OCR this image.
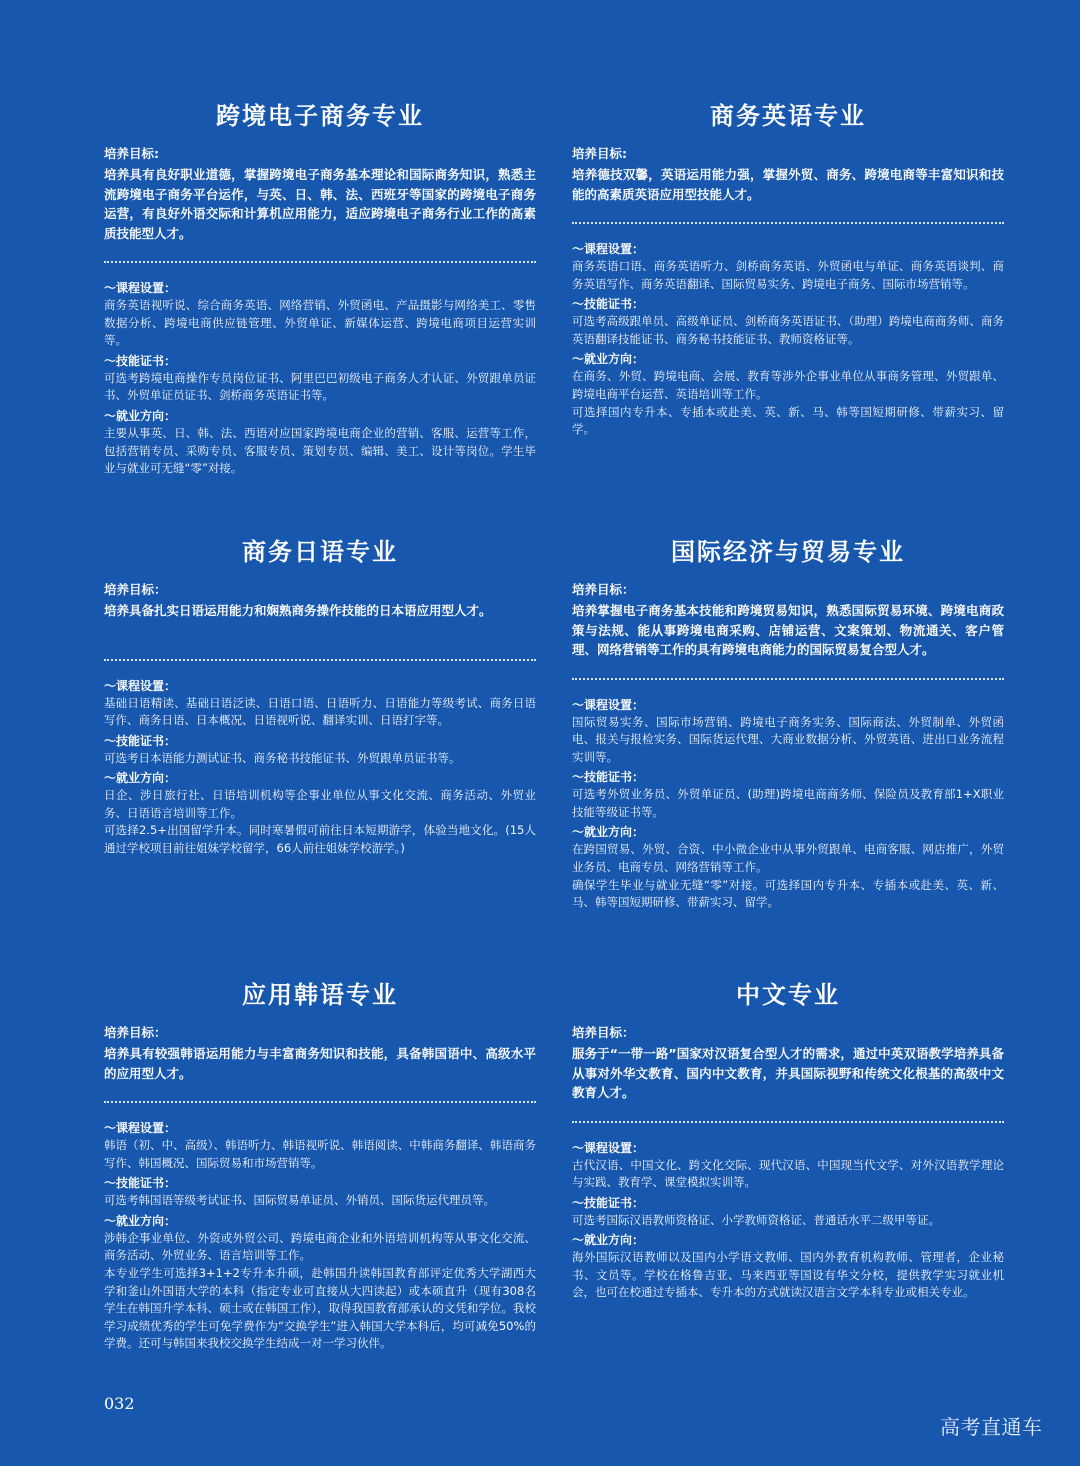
跨境电子商务专业
培养目标:
培养具有良好职业道德，掌握跨境电子商务基本理论和国际商务知识，熟悉主流跨境电子商务平台运作，与英、日、韩、法、西班牙等国家的跨境电子商务运营，有良好外语交际和计算机应用能力，适应跨境电子商务行业工作的高素质技能型人才。
〜课程设置：
商务英语视听说、综合商务英语、网络营销、外贸函电、产品摄影与网络美工、零售数据分析、跨境电商供应链管理、外贸单证、新媒体运营、跨境电商项目运营实训等。
〜技能证书：
可选考跨境电商操作专员岗位证书、阿里巴巴初级电子商务人才认证、外贸跟单员证书、外贸单证员证书、剑桥商务英语证书等。
〜就业方向：
主要从事英、日、韩、法、西语对应国家跨境电商企业的营销、客服、运营等工作，包括营销专员、采购专员、客服专员、策划专员、编辑、美工、设计等岗位。学生毕业与就业可无缝“零”对接。
商务英语专业
培养目标:
培养德技双馨，英语运用能力强，掌握外贸、商务、跨境电商等丰富知识和技能的高素质英语应用型技能人才。
〜课程设置：
商务英语口语、商务英语听力、剑桥商务英语、外贸函电与单证、商务英语谈判、商务英语写作、商务英语翻译、国际贸易实务、跨境电子商务、国际市场营销等。
〜技能证书：
可选考高级跟单员、高级单证员、剑桥商务英语证书、（助理）跨境电商商务师、商务英语翻译技能证书、商务秘书技能证书、教师资格证等。
〜就业方向：
在商务、外贸、跨境电商、会展、教育等涉外企事业单位从事商务管理、外贸跟单、跨境电商平台运营、英语培训等工作。
可选择国内专升本、专插本或赴美、英、新、马、韩等国短期研修、带薪实习、留学。
商务日语专业
培养目标：
培养具备扎实日语运用能力和娴熟商务操作技能的日本语应用型人才。
〜课程设置：
基础日语精读、基础日语泛读、日语口语、日语听力、日语能力等级考试、商务日语写作、商务日语、日本概况、日语视听说、翻译实训、日语打字等。
〜技能证书：
可选考日本语能力测试证书、商务秘书技能证书、外贸跟单员证书等。
〜就业方向：
日企、涉日旅行社、日语培训机构等企事业单位从事文化交流、商务活动、外贸业务、日语语言培训等工作。
可选择2.5+出国留学升本。同时寒暑假可前往日本短期游学，体验当地文化。(15人通过学校项目前往姐妹学校留学，66人前往姐妹学校游学。)
国际经济与贸易专业
培养目标：
培养掌握电子商务基本技能和跨境贸易知识，熟悉国际贸易环境、跨境电商政策与法规、能从事跨境电商采购、店铺运营、文案策划、物流通关、客户管理、网络营销等工作的具有跨境电商能力的国际贸易复合型人才。
〜课程设置：
国际贸易实务、国际市场营销、跨境电子商务实务、国际商法、外贸制单、外贸函电、报关与报检实务、国际货运代理、大商业数据分析、外贸英语、进出口业务流程实训等。
〜技能证书：
可选考外贸业务员、外贸单证员、(助理)跨境电商商务师、保险员及教育部1+X职业技能等级证书等。
〜就业方向：
在跨国贸易、外贸、合资、中小微企业中从事外贸跟单、电商客服、网店推广，外贸业务员、电商专员、网络营销等工作。
确保学生毕业与就业无缝“零”对接。可选择国内专升本、专插本或赴美、英、新、马、韩等国短期研修、带薪实习、留学。
应用韩语专业
培养目标：
培养具有较强韩语运用能力与丰富商务知识和技能，具备韩国语中、高级水平的应用型人才。
〜课程设置：
韩语（初、中、高级）、韩语听力、韩语视听说、韩语阅读、中韩商务翻译、韩语商务写作、韩国概况、国际贸易和市场营销等。
〜技能证书：
可选考韩国语等级考试证书、国际贸易单证员、外销员、国际货运代理员等。
〜就业方向：
涉韩企事业单位、外资或外贸公司、跨境电商企业和外语培训机构等从事文化交流、商务活动、外贸业务、语言培训等工作。
本专业学生可选择3+1+2专升本升硕，赴韩国升读韩国教育部评定优秀大学湖西大学和釜山外国语大学的本科（指定专业可直接从大四读起）或本硕直升（现有308名学生在韩国升学本科、硕士或在韩国工作），取得我国教育部承认的文凭和学位。我校学习成绩优秀的学生可免学费作为“交换学生”进入韩国大学本科后，均可减免50%的学费。还可与韩国来我校交换学生结成一对一学习伙伴。
中文专业
培养目标：
服务于“一带一路”国家对汉语复合型人才的需求，通过中英双语教学培养具备从事对外华文教育、国内中文教育，并具国际视野和传统文化根基的高级中文教育人才。
〜课程设置：
古代汉语、中国文化、跨文化交际、现代汉语、中国现当代文学、对外汉语教学理论与实践、教育学、课堂模拟实训等。
〜技能证书：
可选考国际汉语教师资格证、小学教师资格证、普通话水平二级甲等证。
〜就业方向：
海外国际汉语教师以及国内小学语文教师、国内外教育机构教师、管理者，企业秘书、文员等。学校在格鲁吉亚、马来西亚等国设有华文分校，提供教学实习就业机会，也可在校通过专插本、专升本的方式就读汉语言文学本科专业或相关专业。
032
高考直通车
